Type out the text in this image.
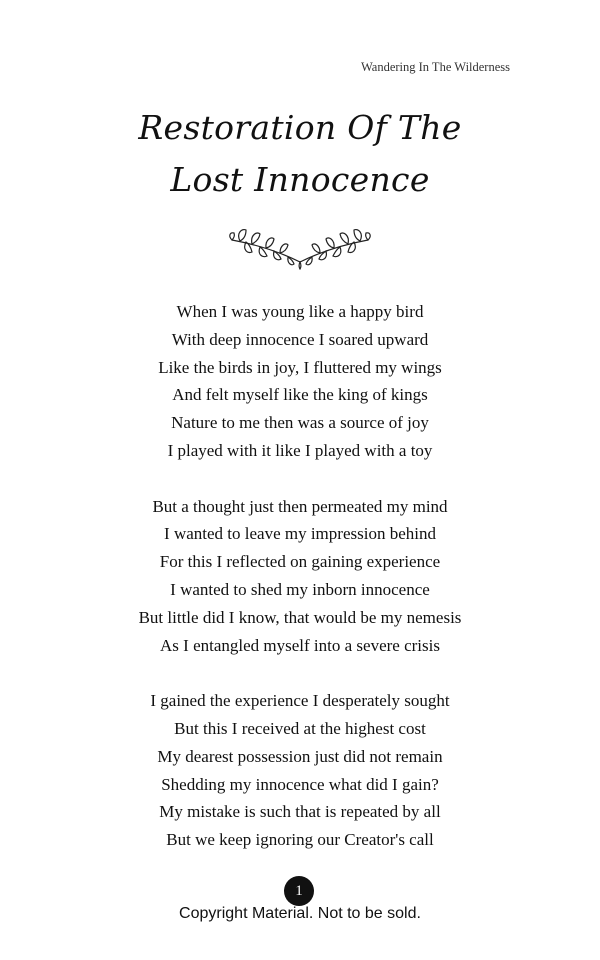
Wandering In The Wilderness
Restoration Of The
Lost Innocence
When I was young like a happy bird
With deep innocence I soared upward
Like the birds in joy, I fluttered my wings
And felt myself like the king of kings
Nature to me then was a source of joy
I played with it like I played with a toy
But a thought just then permeated my mind
I wanted to leave my impression behind
For this I reflected on gaining experience
I wanted to shed my inborn innocence
But little did I know, that would be my nemesis
As I entangled myself into a severe crisis
I gained the experience I desperately sought
But this I received at the highest cost
My dearest possession just did not remain
Shedding my innocence what did I gain?
My mistake is such that is repeated by all
But we keep ignoring our Creator's call
1
Copyright Material. Not to be sold.
